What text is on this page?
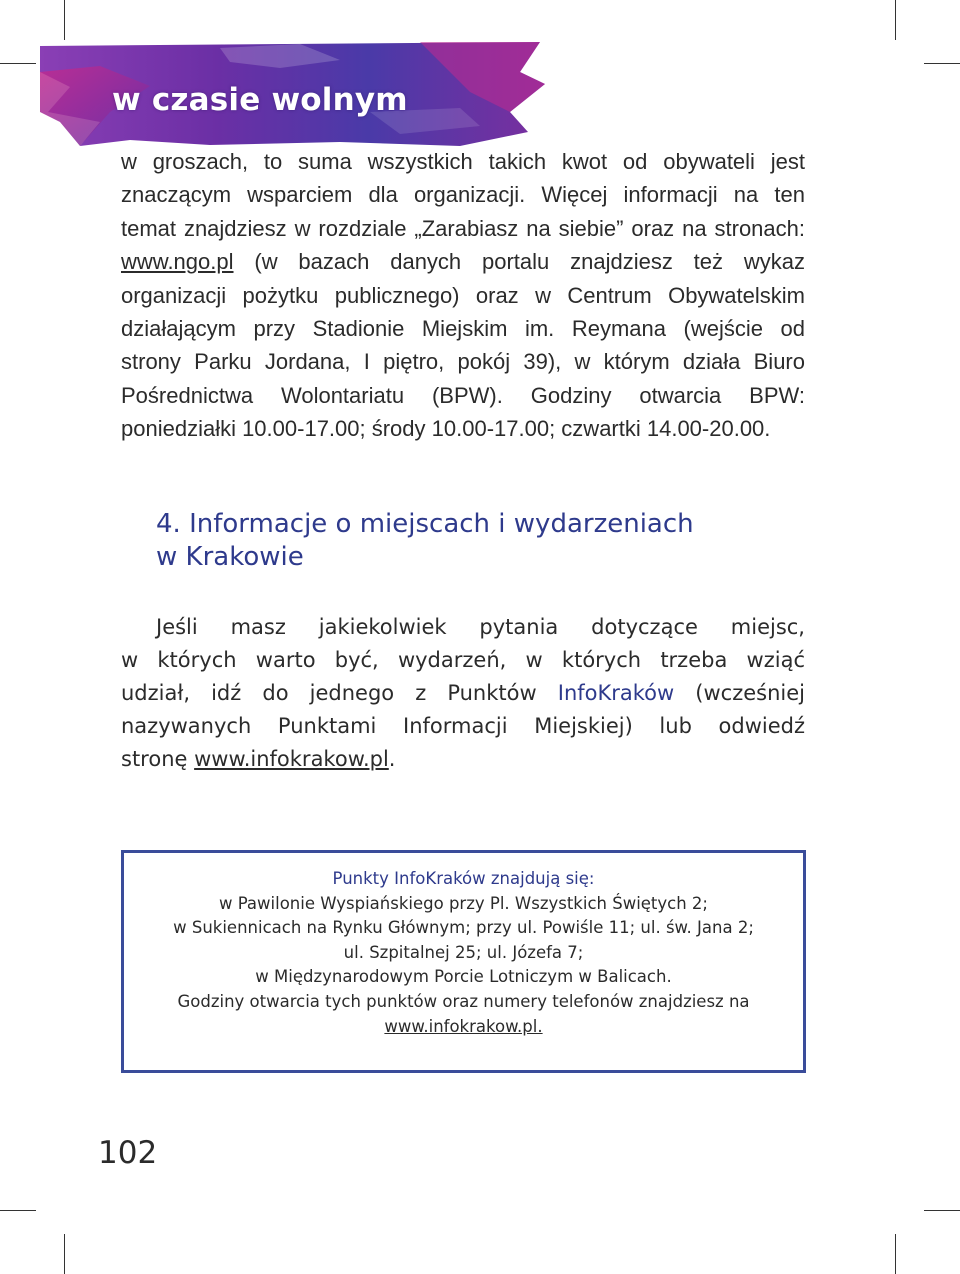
w czasie wolnym
w groszach, to suma wszystkich takich kwot od obywateli jest
znaczącym wsparciem dla organizacji. Więcej informacji na ten
temat znajdziesz w rozdziale „Zarabiasz na siebie” oraz na stronach:
www.ngo.pl (w bazach danych portalu znajdziesz też wykaz
organizacji pożytku publicznego) oraz w Centrum Obywatelskim
działającym przy Stadionie Miejskim im. Reymana (wejście od
strony Parku Jordana, I piętro, pokój 39), w którym działa Biuro
Pośrednictwa Wolontariatu (BPW). Godziny otwarcia BPW:
poniedziałki 10.00-17.00; środy 10.00-17.00; czwartki 14.00-20.00.
4. Informacje o miejscach i wydarzeniach
w Krakowie
Jeśli masz jakiekolwiek pytania dotyczące miejsc,
w których warto być, wydarzeń, w których trzeba wziąć
udział, idź do jednego z Punktów InfoKraków (wcześniej
nazywanych Punktami Informacji Miejskiej) lub odwiedź
stronę www.infokrakow.pl.
Punkty InfoKraków znajdują się:
w Pawilonie Wyspiańskiego przy Pl. Wszystkich Świętych 2;
w Sukiennicach na Rynku Głównym; przy ul. Powiśle 11; ul. św. Jana 2;
ul. Szpitalnej 25; ul. Józefa 7;
w Międzynarodowym Porcie Lotniczym w Balicach.
Godziny otwarcia tych punktów oraz numery telefonów znajdziesz na
www.infokrakow.pl.
102
